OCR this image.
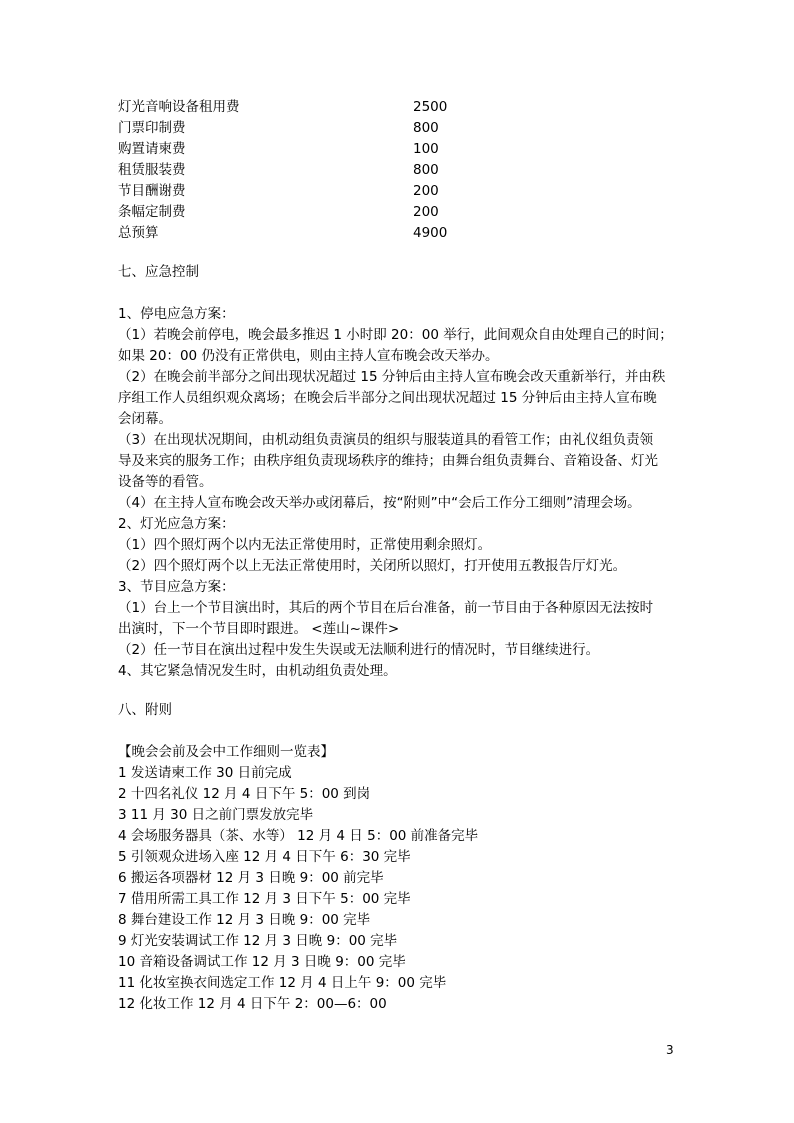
灯光音响设备租用费	2500
门票印制费	800
购置请柬费	100
租赁服装费	800
节目酬谢费	200
条幅定制费	200
总预算	4900
七、应急控制
1、停电应急方案：
（1）若晚会前停电，晚会最多推迟 1 小时即 20：00 举行，此间观众自由处理自己的时间；
如果 20：00 仍没有正常供电，则由主持人宣布晚会改天举办。
（2）在晚会前半部分之间出现状况超过 15 分钟后由主持人宣布晚会改天重新举行，并由秩
序组工作人员组织观众离场；在晚会后半部分之间出现状况超过 15 分钟后由主持人宣布晚
会闭幕。
（3）在出现状况期间，由机动组负责演员的组织与服装道具的看管工作；由礼仪组负责领
导及来宾的服务工作；由秩序组负责现场秩序的维持；由舞台组负责舞台、音箱设备、灯光
设备等的看管。
（4）在主持人宣布晚会改天举办或闭幕后，按“附则”中“会后工作分工细则”清理会场。
2、灯光应急方案：
（1）四个照灯两个以内无法正常使用时，正常使用剩余照灯。
（2）四个照灯两个以上无法正常使用时，关闭所以照灯，打开使用五教报告厅灯光。
3、节目应急方案：
（1）台上一个节目演出时，其后的两个节目在后台准备，前一节目由于各种原因无法按时
出演时，下一个节目即时跟进。 <莲山~课件>
（2）任一节目在演出过程中发生失误或无法顺利进行的情况时，节目继续进行。
4、其它紧急情况发生时，由机动组负责处理。
八、附则
【晚会会前及会中工作细则一览表】
1 发送请柬工作 30 日前完成
2 十四名礼仪 12 月 4 日下午 5：00 到岗
3 11 月 30 日之前门票发放完毕
4 会场服务器具（茶、水等） 12 月 4 日 5：00 前准备完毕
5 引领观众进场入座 12 月 4 日下午 6：30 完毕
6 搬运各项器材 12 月 3 日晚 9：00 前完毕
7 借用所需工具工作 12 月 3 日下午 5：00 完毕
8 舞台建设工作 12 月 3 日晚 9：00 完毕
9 灯光安装调试工作 12 月 3 日晚 9：00 完毕
10 音箱设备调试工作 12 月 3 日晚 9：00 完毕
11 化妆室换衣间选定工作 12 月 4 日上午 9：00 完毕
12 化妆工作 12 月 4 日下午 2：00—6：00
3
